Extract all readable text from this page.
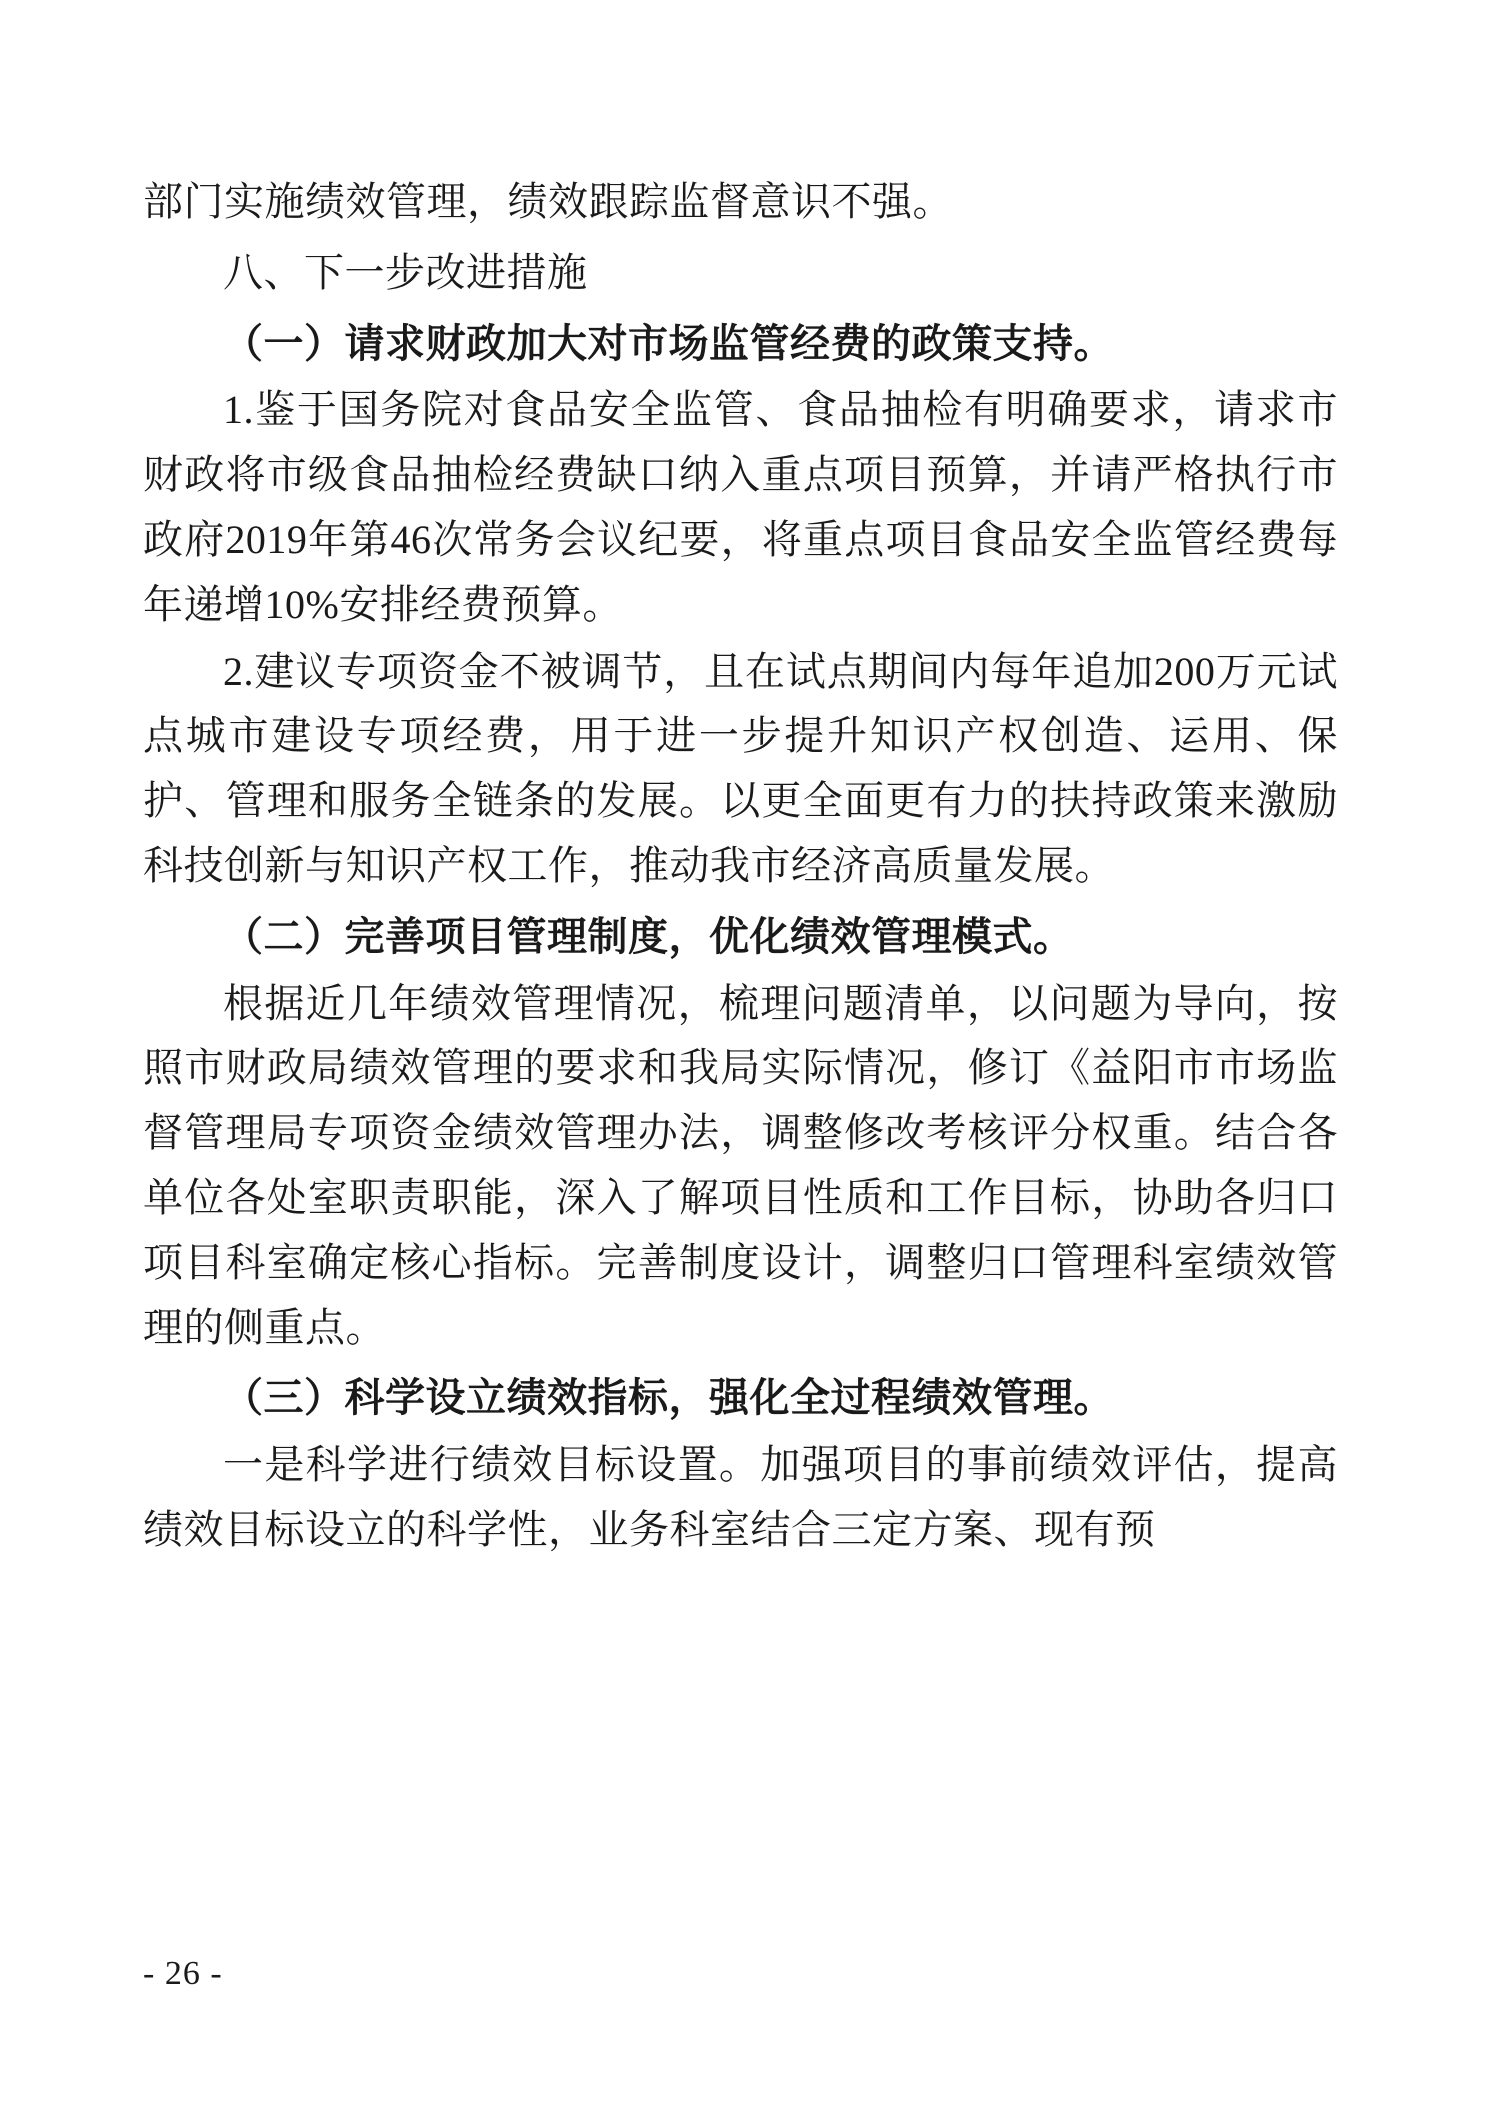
部门实施绩效管理，绩效跟踪监督意识不强。

八、下一步改进措施

（一）请求财政加大对市场监管经费的政策支持。

1.鉴于国务院对食品安全监管、食品抽检有明确要求，请求市财政将市级食品抽检经费缺口纳入重点项目预算，并请严格执行市政府2019年第46次常务会议纪要，将重点项目食品安全监管经费每年递增10%安排经费预算。

2.建议专项资金不被调节，且在试点期间内每年追加200万元试点城市建设专项经费，用于进一步提升知识产权创造、运用、保护、管理和服务全链条的发展。以更全面更有力的扶持政策来激励科技创新与知识产权工作，推动我市经济高质量发展。

（二）完善项目管理制度，优化绩效管理模式。

根据近几年绩效管理情况，梳理问题清单，以问题为导向，按照市财政局绩效管理的要求和我局实际情况，修订《益阳市市场监督管理局专项资金绩效管理办法，调整修改考核评分权重。结合各单位各处室职责职能，深入了解项目性质和工作目标，协助各归口项目科室确定核心指标。完善制度设计，调整归口管理科室绩效管理的侧重点。

（三）科学设立绩效指标，强化全过程绩效管理。

一是科学进行绩效目标设置。加强项目的事前绩效评估，提高绩效目标设立的科学性，业务科室结合三定方案、现有预

- 26 -
